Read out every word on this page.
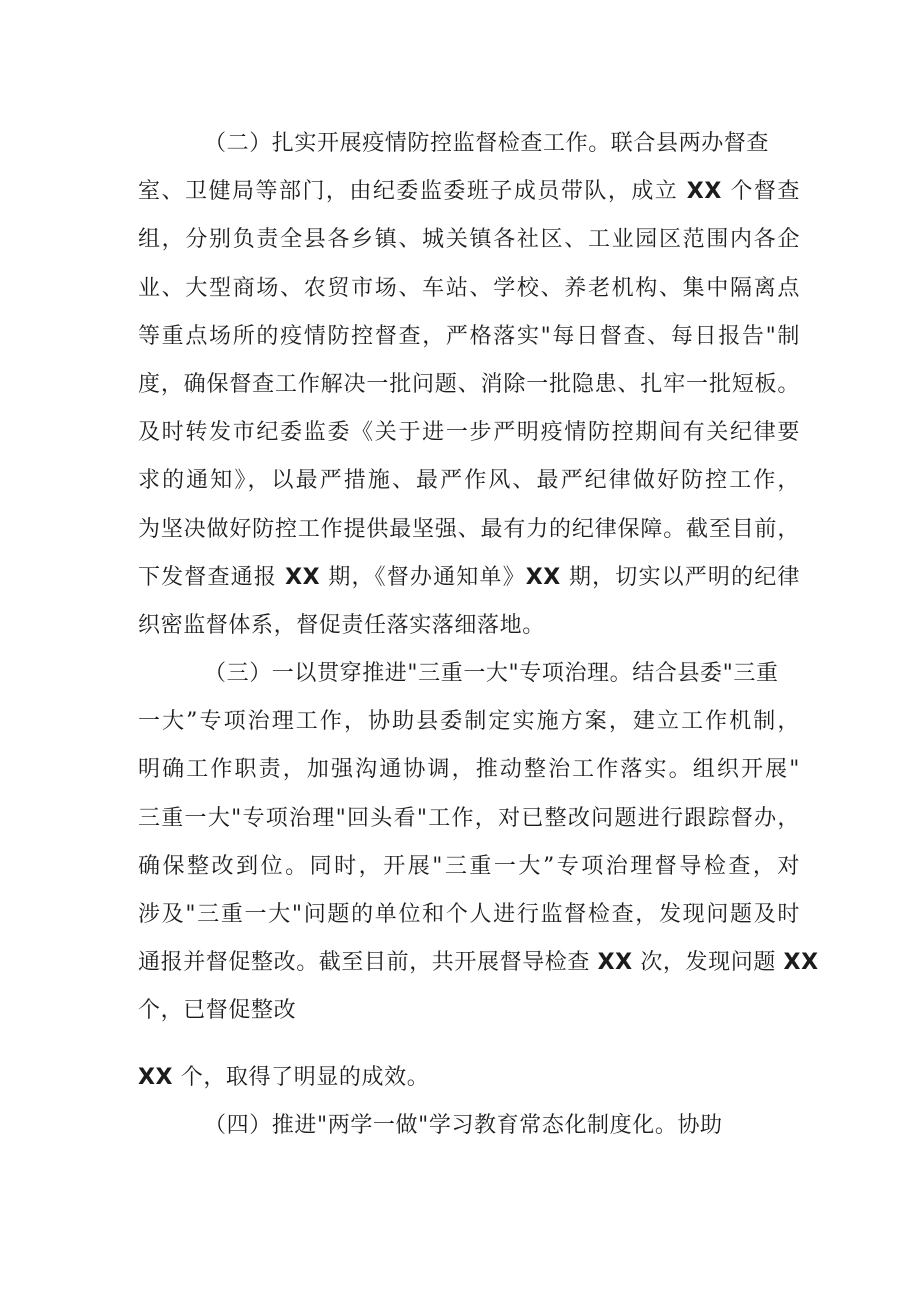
（二）扎实开展疫情防控监督检查工作。联合县两办督查
室、卫健局等部门，由纪委监委班子成员带队，成立 XX 个督查
组，分别负责全县各乡镇、城关镇各社区、工业园区范围内各企
业、大型商场、农贸市场、车站、学校、养老机构、集中隔离点
等重点场所的疫情防控督查，严格落实"每日督查、每日报告"制
度，确保督查工作解决一批问题、消除一批隐患、扎牢一批短板。
及时转发市纪委监委《关于进一步严明疫情防控期间有关纪律要
求的通知》，以最严措施、最严作风、最严纪律做好防控工作，
为坚决做好防控工作提供最坚强、最有力的纪律保障。截至目前，
下发督查通报 XX 期，《督办通知单》XX 期，切实以严明的纪律
织密监督体系，督促责任落实落细落地。
（三）一以贯穿推进"三重一大"专项治理。结合县委"三重
一大”专项治理工作，协助县委制定实施方案，建立工作机制，
明确工作职责，加强沟通协调，推动整治工作落实。组织开展"
三重一大"专项治理"回头看"工作，对已整改问题进行跟踪督办，
确保整改到位。同时，开展"三重一大”专项治理督导检查，对
涉及"三重一大"问题的单位和个人进行监督检查，发现问题及时
通报并督促整改。截至目前，共开展督导检查 XX 次，发现问题 XX
个，已督促整改
XX 个，取得了明显的成效。
（四）推进"两学一做"学习教育常态化制度化。协助
